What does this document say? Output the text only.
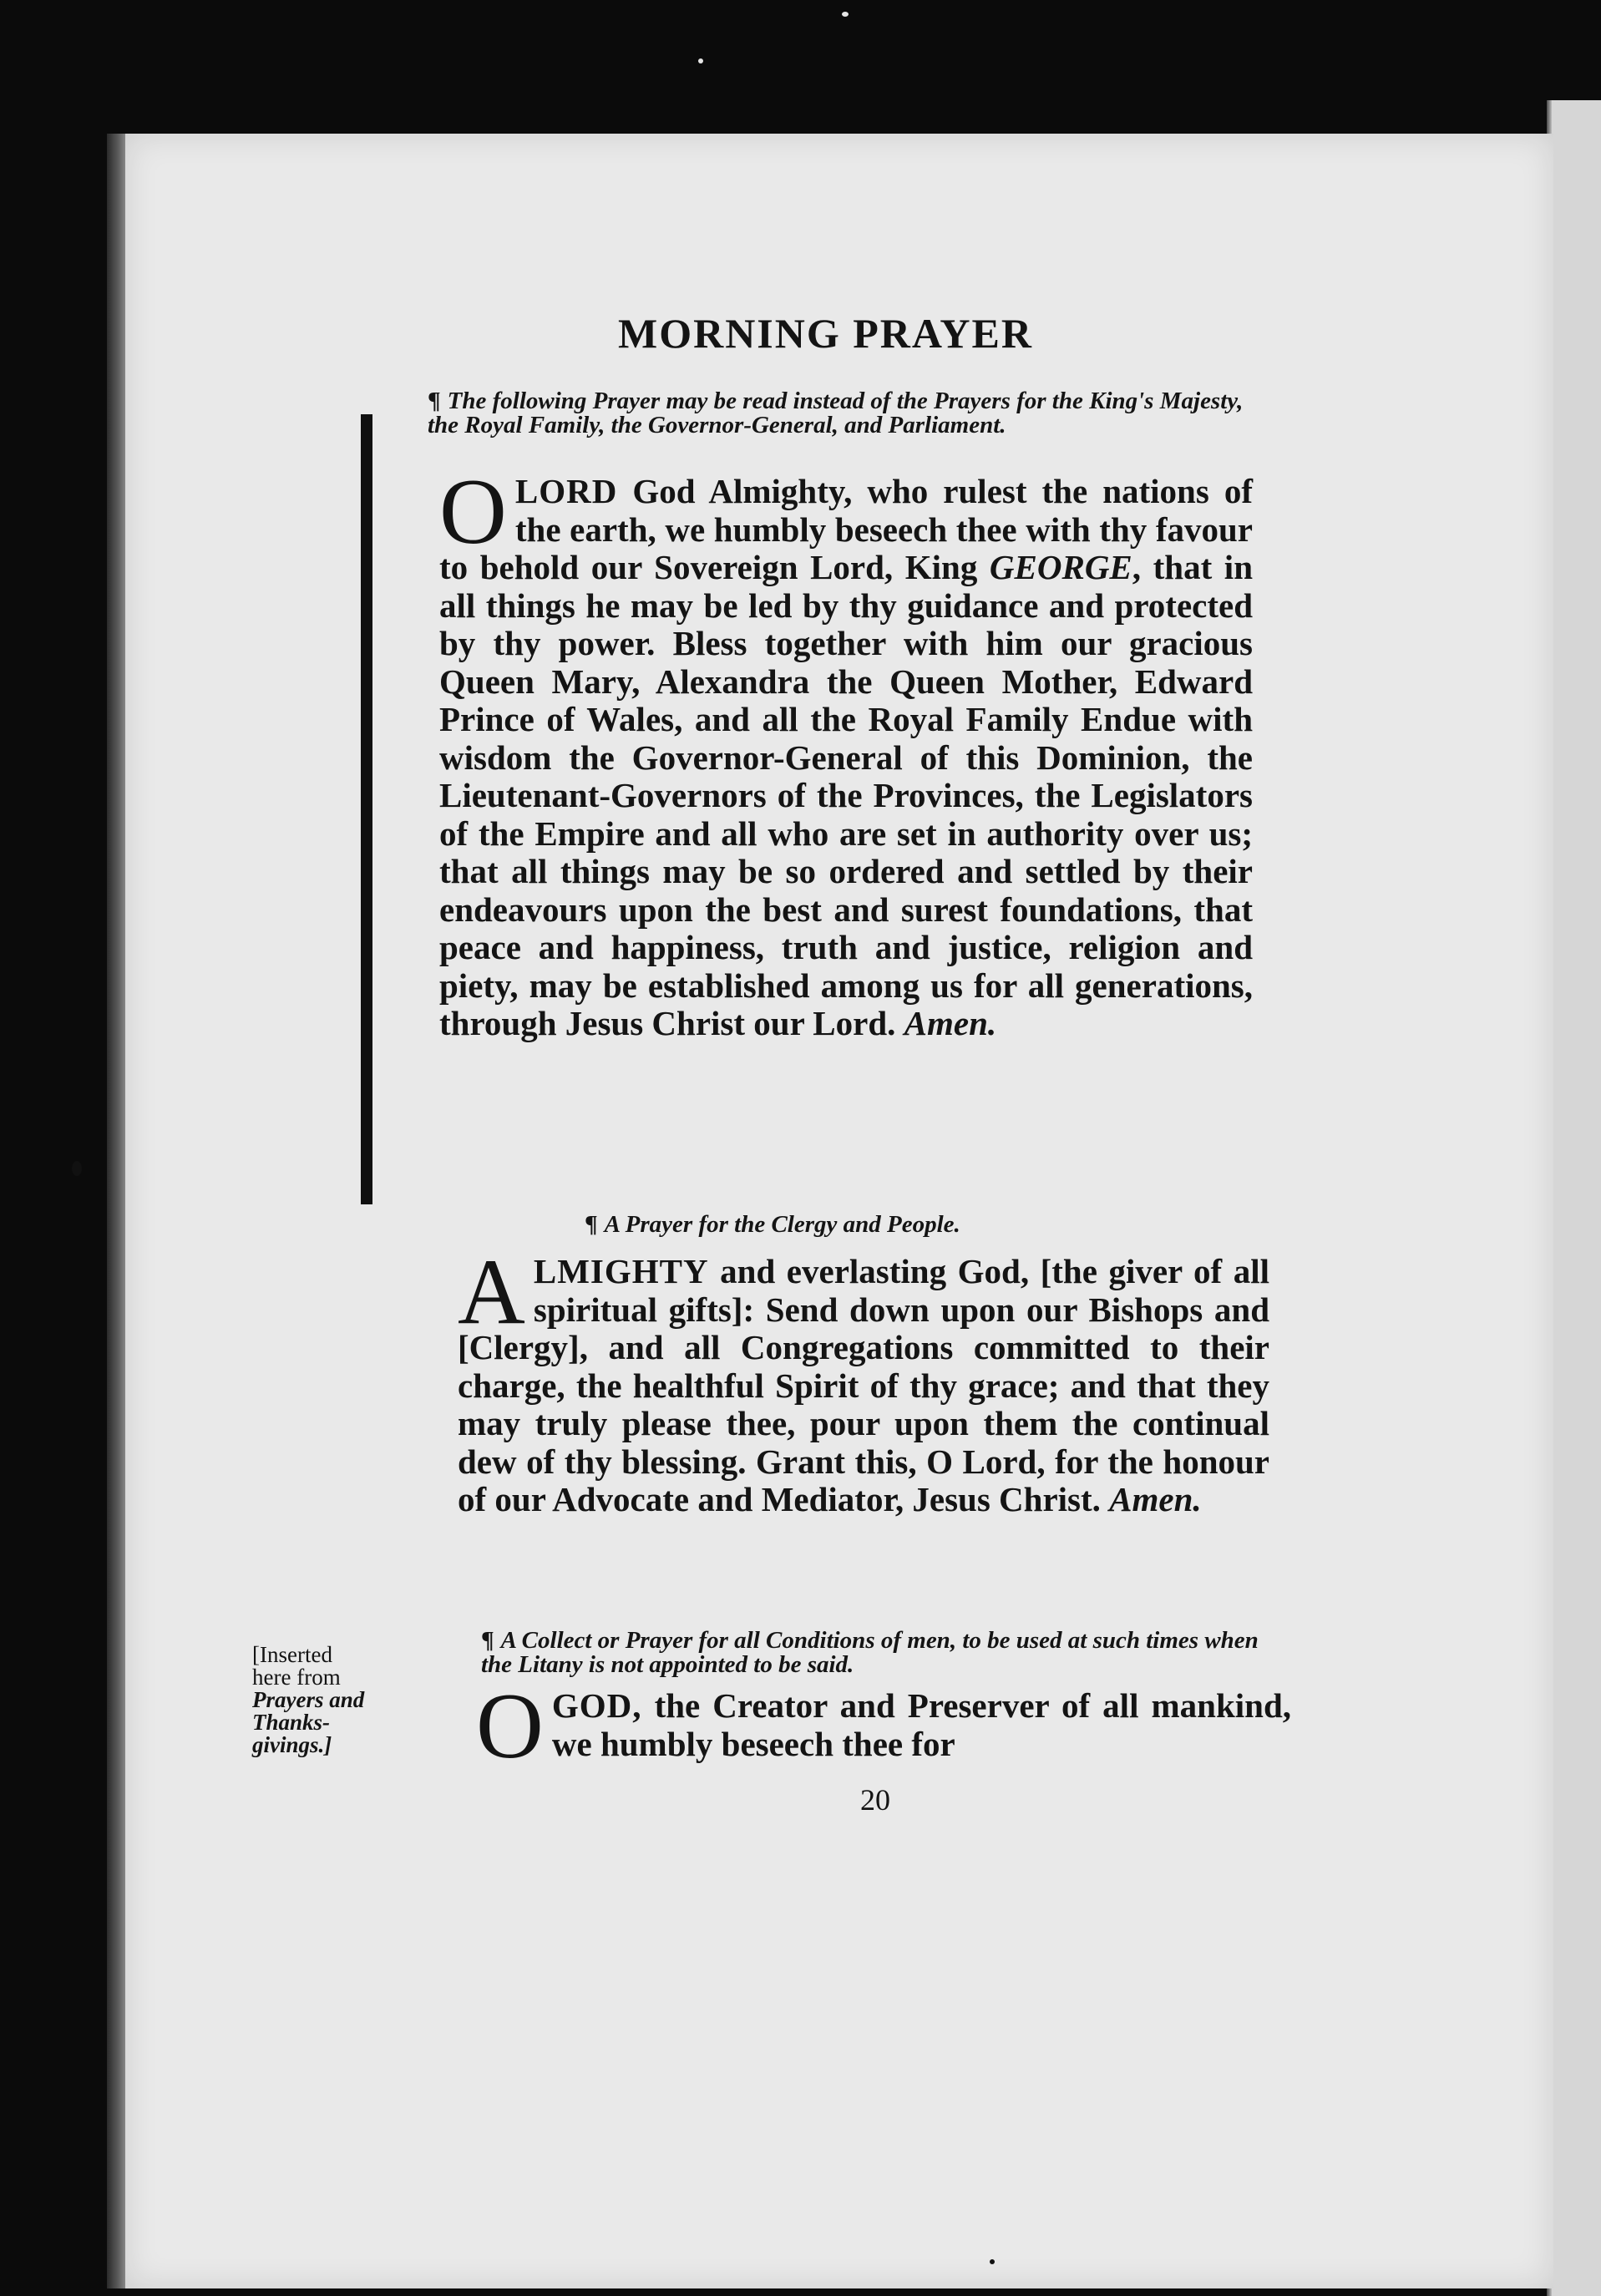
MORNING PRAYER
¶ The following Prayer may be read instead of the Prayers for the King's Majesty, the Royal Family, the Governor-General, and Parliament.
OLORD God Almighty, who rulest the nations of the earth, we humbly beseech thee with thy favour to behold our Sovereign Lord, King GEORGE, that in all things he may be led by thy guidance and protected by thy power. Bless together with him our gracious Queen Mary, Alexandra the Queen Mother, Edward Prince of Wales, and all the Royal Family Endue with wisdom the Governor-General of this Dominion, the Lieutenant-Governors of the Provinces, the Legislators of the Empire and all who are set in authority over us; that all things may be so ordered and settled by their endeavours upon the best and surest foundations, that peace and happiness, truth and justice, religion and piety, may be established among us for all generations, through Jesus Christ our Lord. Amen.
¶ A Prayer for the Clergy and People.
ALMIGHTY and everlasting God, [the giver of all spiritual gifts]: Send down upon our Bishops and [Clergy], and all Congregations committed to their charge, the healthful Spirit of thy grace; and that they may truly please thee, pour upon them the continual dew of thy blessing. Grant this, O Lord, for the honour of our Advocate and Mediator, Jesus Christ. Amen.
[Inserted
here from
Prayers and
Thanks-
givings.]
¶ A Collect or Prayer for all Conditions of men, to be used at such times when the Litany is not appointed to be said.
OGOD, the Creator and Preserver of all mankind, we humbly beseech thee for
20
